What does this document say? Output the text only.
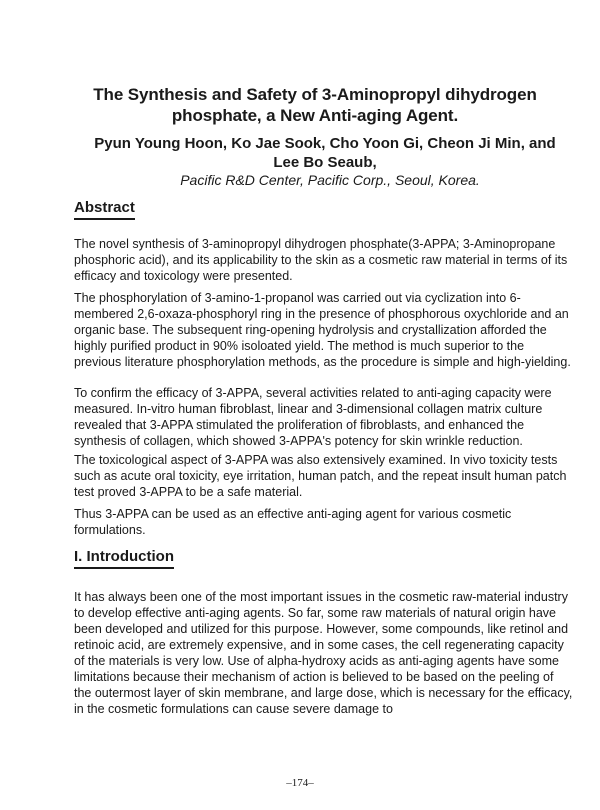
The Synthesis and Safety of 3-Aminopropyl dihydrogen phosphate, a New Anti-aging Agent.
Pyun Young Hoon, Ko Jae Sook, Cho Yoon Gi, Cheon Ji Min, and Lee Bo Seaub,
Pacific R&D Center, Pacific Corp., Seoul, Korea.
Abstract

The novel synthesis of 3-aminopropyl dihydrogen phosphate(3-APPA; 3-Aminopropane phosphoric acid), and its applicability to the skin as a cosmetic raw material in terms of its efficacy and toxicology were presented.

The phosphorylation of 3-amino-1-propanol was carried out via cyclization into 6-membered 2,6-oxaza-phosphoryl ring in the presence of phosphorous oxychloride and an organic base. The subsequent ring-opening hydrolysis and crystallization afforded the highly purified product in 90% isoloated yield. The method is much superior to the previous literature phosphorylation methods, as the procedure is simple and high-yielding.

To confirm the efficacy of 3-APPA, several activities related to anti-aging capacity were measured. In-vitro human fibroblast, linear and 3-dimensional collagen matrix culture revealed that 3-APPA stimulated the proliferation of fibroblasts, and enhanced the synthesis of collagen, which showed 3-APPA's potency for skin wrinkle reduction.

The toxicological aspect of 3-APPA was also extensively examined. In vivo toxicity tests such as acute oral toxicity, eye irritation, human patch, and the repeat insult human patch test proved 3-APPA to be a safe material.

Thus 3-APPA can be used as an effective anti-aging agent for various cosmetic formulations.

I. Introduction

It has always been one of the most important issues in the cosmetic raw-material industry to develop effective anti-aging agents. So far, some raw materials of natural origin have been developed and utilized for this purpose. However, some compounds, like retinol and retinoic acid, are extremely expensive, and in some cases, the cell regenerating capacity of the materials is very low. Use of alpha-hydroxy acids as anti-aging agents have some limitations because their mechanism of action is believed to be based on the peeling of the outermost layer of skin membrane, and large dose, which is necessary for the efficacy, in the cosmetic formulations can cause severe damage to

–174–
